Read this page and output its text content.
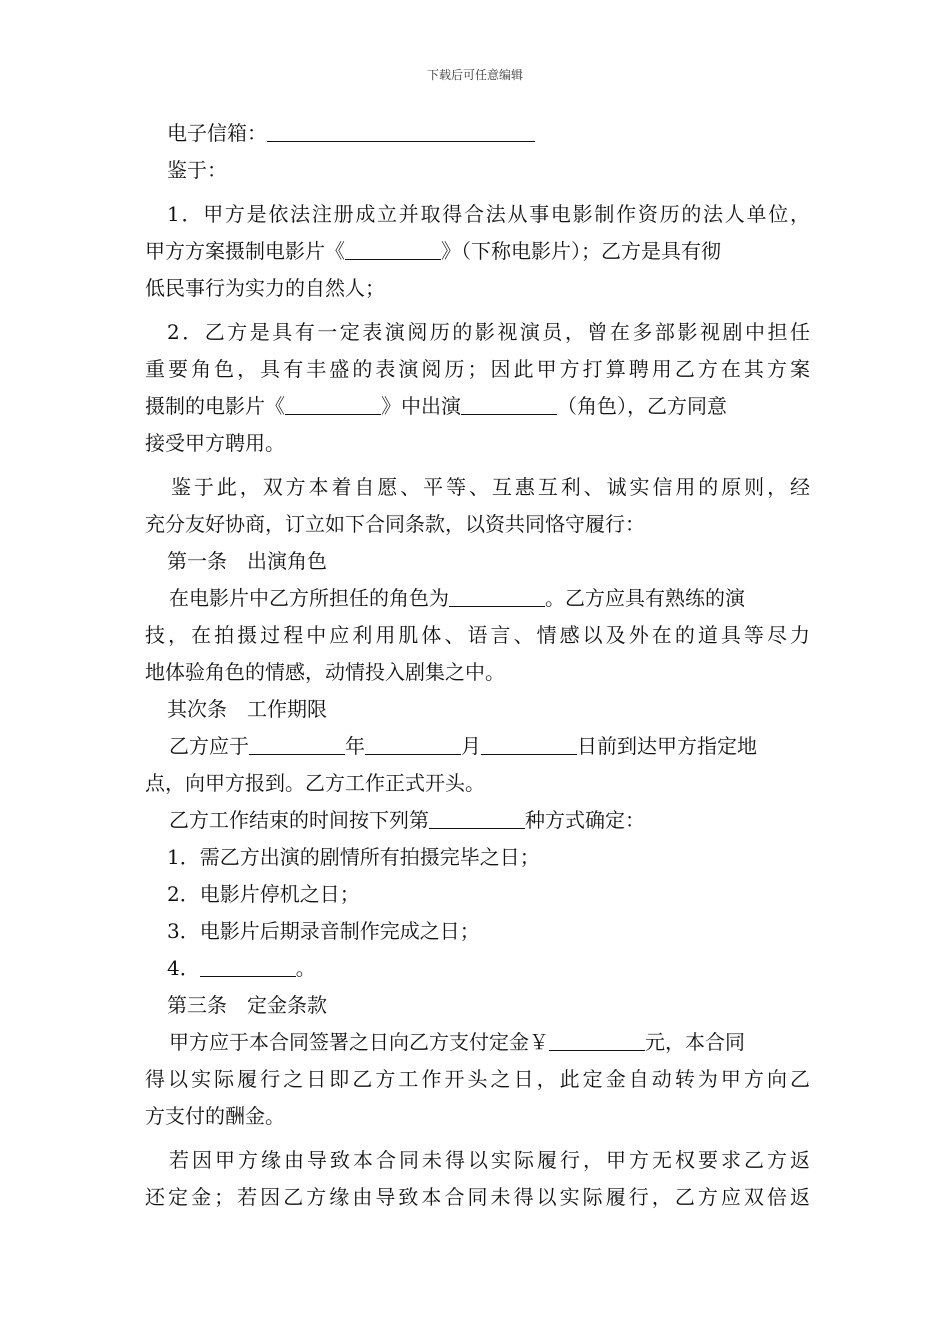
下载后可任意编辑
电子信箱：
鉴于：
1．甲方是依法注册成立并取得合法从事电影制作资历的法人单位，
甲方方案摄制电影片《	》（下称电影片）；乙方是具有彻
低民事行为实力的自然人；
2．乙方是具有一定表演阅历的影视演员，曾在多部影视剧中担任
重要角色，具有丰盛的表演阅历；因此甲方打算聘用乙方在其方案
摄制的电影片《	》中出演	（角色），乙方同意
接受甲方聘用。
鉴于此，双方本着自愿、平等、互惠互利、诚实信用的原则，经
充分友好协商，订立如下合同条款，以资共同恪守履行：
第一条　出演角色
在电影片中乙方所担任的角色为	。乙方应具有熟练的演
技，在拍摄过程中应利用肌体、语言、情感以及外在的道具等尽力
地体验角色的情感，动情投入剧集之中。
其次条　工作期限
乙方应于	年	月	日前到达甲方指定地
点，向甲方报到。乙方工作正式开头。
乙方工作结束的时间按下列第	种方式确定：
1．需乙方出演的剧情所有拍摄完毕之日；
2．电影片停机之日；
3．电影片后期录音制作完成之日；
4．	。
第三条　定金条款
甲方应于本合同签署之日向乙方支付定金￥	元，本合同
得以实际履行之日即乙方工作开头之日，此定金自动转为甲方向乙
方支付的酬金。
若因甲方缘由导致本合同未得以实际履行，甲方无权要求乙方返
还定金；若因乙方缘由导致本合同未得以实际履行，乙方应双倍返
